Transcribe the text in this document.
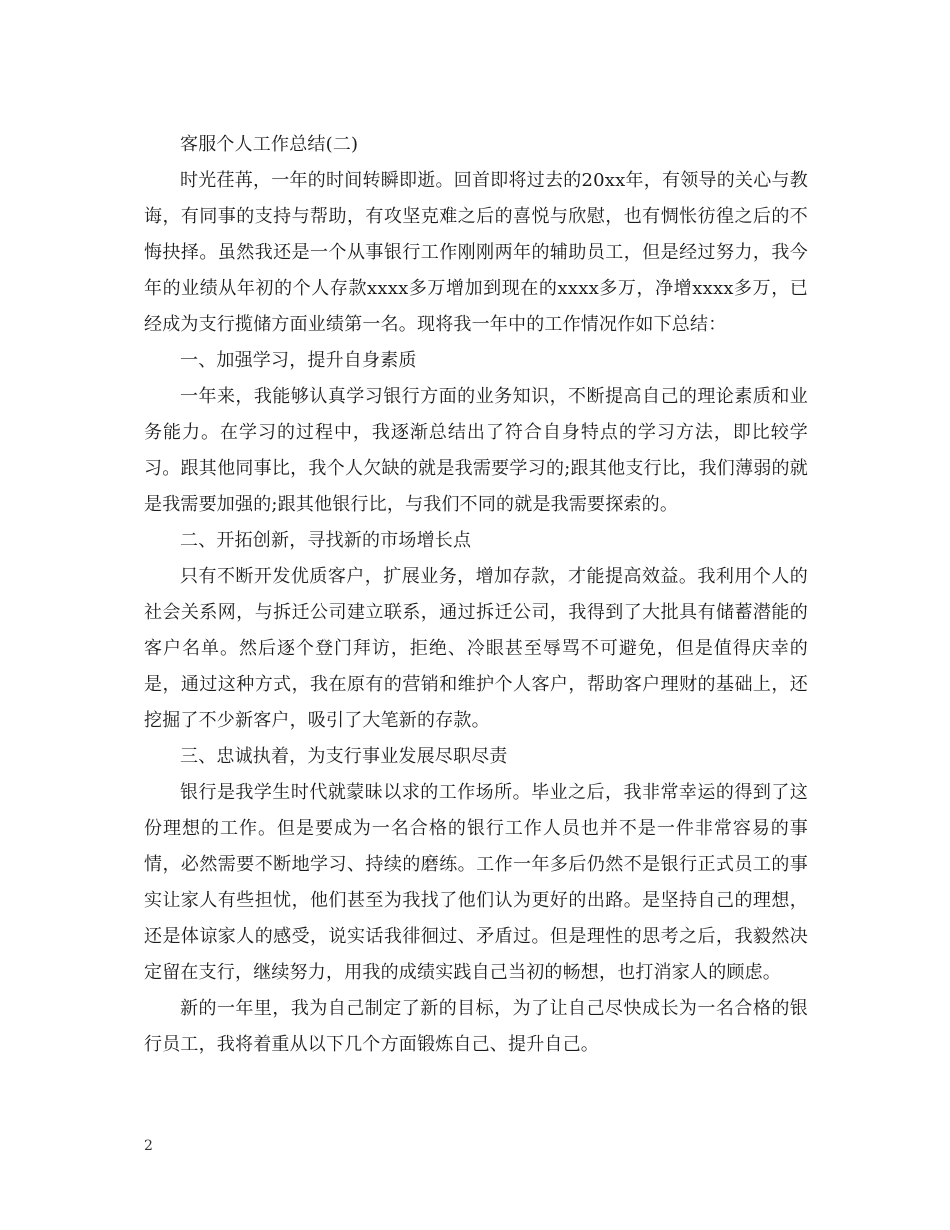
客服个人工作总结(二)

时光荏苒，一年的时间转瞬即逝。回首即将过去的20xx年，有领导的关心与教诲，有同事的支持与帮助，有攻坚克难之后的喜悦与欣慰，也有惆怅彷徨之后的不悔抉择。虽然我还是一个从事银行工作刚刚两年的辅助员工，但是经过努力，我今年的业绩从年初的个人存款xxxx多万增加到现在的xxxx多万，净增xxxx多万，已经成为支行揽储方面业绩第一名。现将我一年中的工作情况作如下总结：

一、加强学习，提升自身素质

一年来，我能够认真学习银行方面的业务知识，不断提高自己的理论素质和业务能力。在学习的过程中，我逐渐总结出了符合自身特点的学习方法，即比较学习。跟其他同事比，我个人欠缺的就是我需要学习的;跟其他支行比，我们薄弱的就是我需要加强的;跟其他银行比，与我们不同的就是我需要探索的。

二、开拓创新，寻找新的市场增长点

只有不断开发优质客户，扩展业务，增加存款，才能提高效益。我利用个人的社会关系网，与拆迁公司建立联系，通过拆迁公司，我得到了大批具有储蓄潜能的客户名单。然后逐个登门拜访，拒绝、冷眼甚至辱骂不可避免，但是值得庆幸的是，通过这种方式，我在原有的营销和维护个人客户，帮助客户理财的基础上，还挖掘了不少新客户，吸引了大笔新的存款。

三、忠诚执着，为支行事业发展尽职尽责

银行是我学生时代就蒙昧以求的工作场所。毕业之后，我非常幸运的得到了这份理想的工作。但是要成为一名合格的银行工作人员也并不是一件非常容易的事情，必然需要不断地学习、持续的磨练。工作一年多后仍然不是银行正式员工的事实让家人有些担忧，他们甚至为我找了他们认为更好的出路。是坚持自己的理想，还是体谅家人的感受，说实话我徘徊过、矛盾过。但是理性的思考之后，我毅然决定留在支行，继续努力，用我的成绩实践自己当初的畅想，也打消家人的顾虑。

新的一年里，我为自己制定了新的目标，为了让自己尽快成长为一名合格的银行员工，我将着重从以下几个方面锻炼自己、提升自己。

2
